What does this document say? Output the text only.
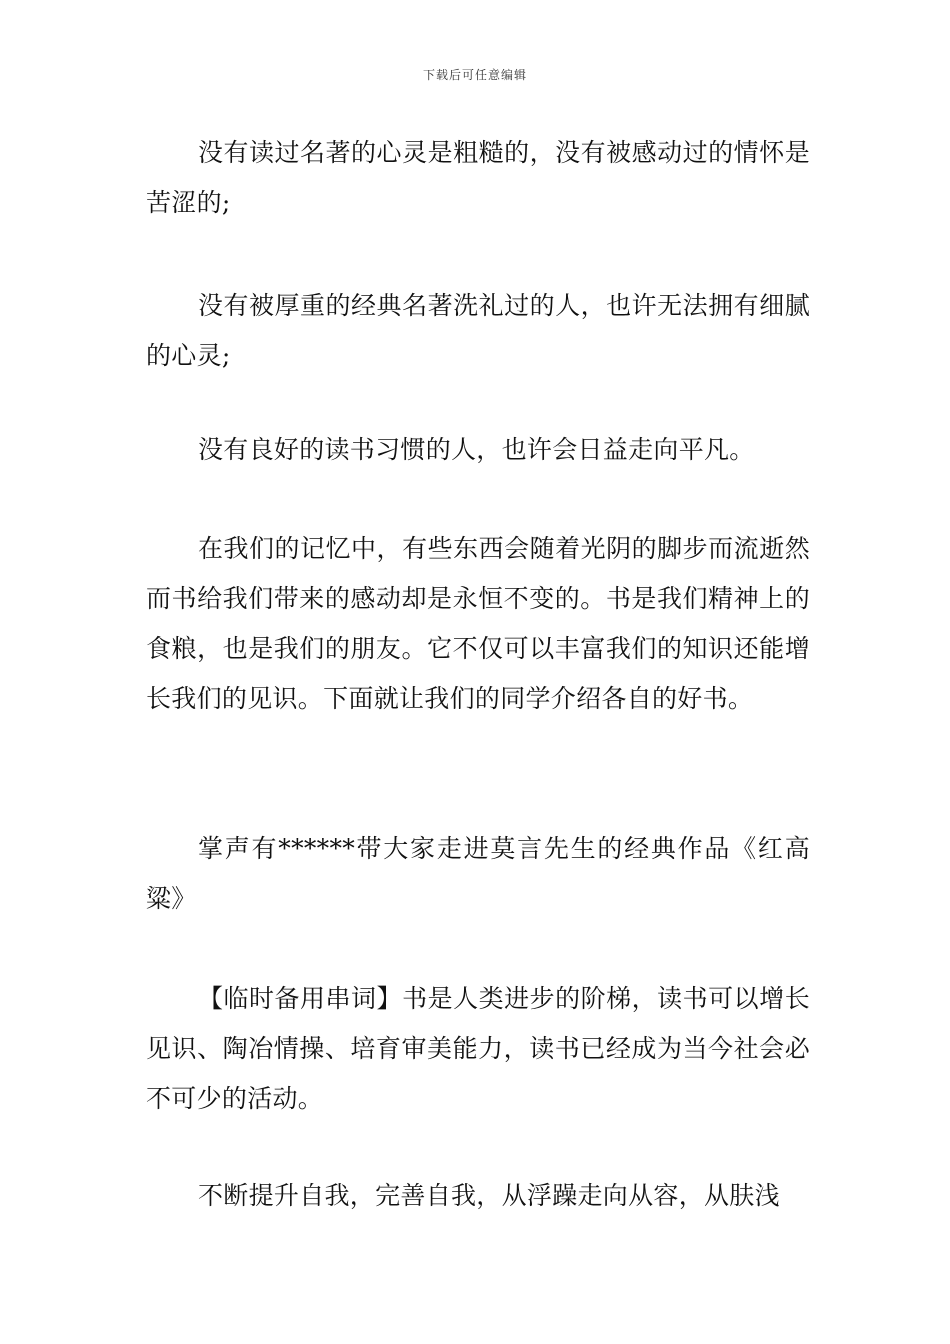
下载后可任意编辑

没有读过名著的心灵是粗糙的，没有被感动过的情怀是苦涩的;

没有被厚重的经典名著洗礼过的人，也许无法拥有细腻的心灵;

没有良好的读书习惯的人，也许会日益走向平凡。

在我们的记忆中，有些东西会随着光阴的脚步而流逝然而书给我们带来的感动却是永恒不变的。书是我们精神上的食粮，也是我们的朋友。它不仅可以丰富我们的知识还能增长我们的见识。下面就让我们的同学介绍各自的好书。

掌声有******带大家走进莫言先生的经典作品《红高粱》

【临时备用串词】书是人类进步的阶梯，读书可以增长见识、陶冶情操、培育审美能力，读书已经成为当今社会必不可少的活动。

不断提升自我，完善自我，从浮躁走向从容，从肤浅
